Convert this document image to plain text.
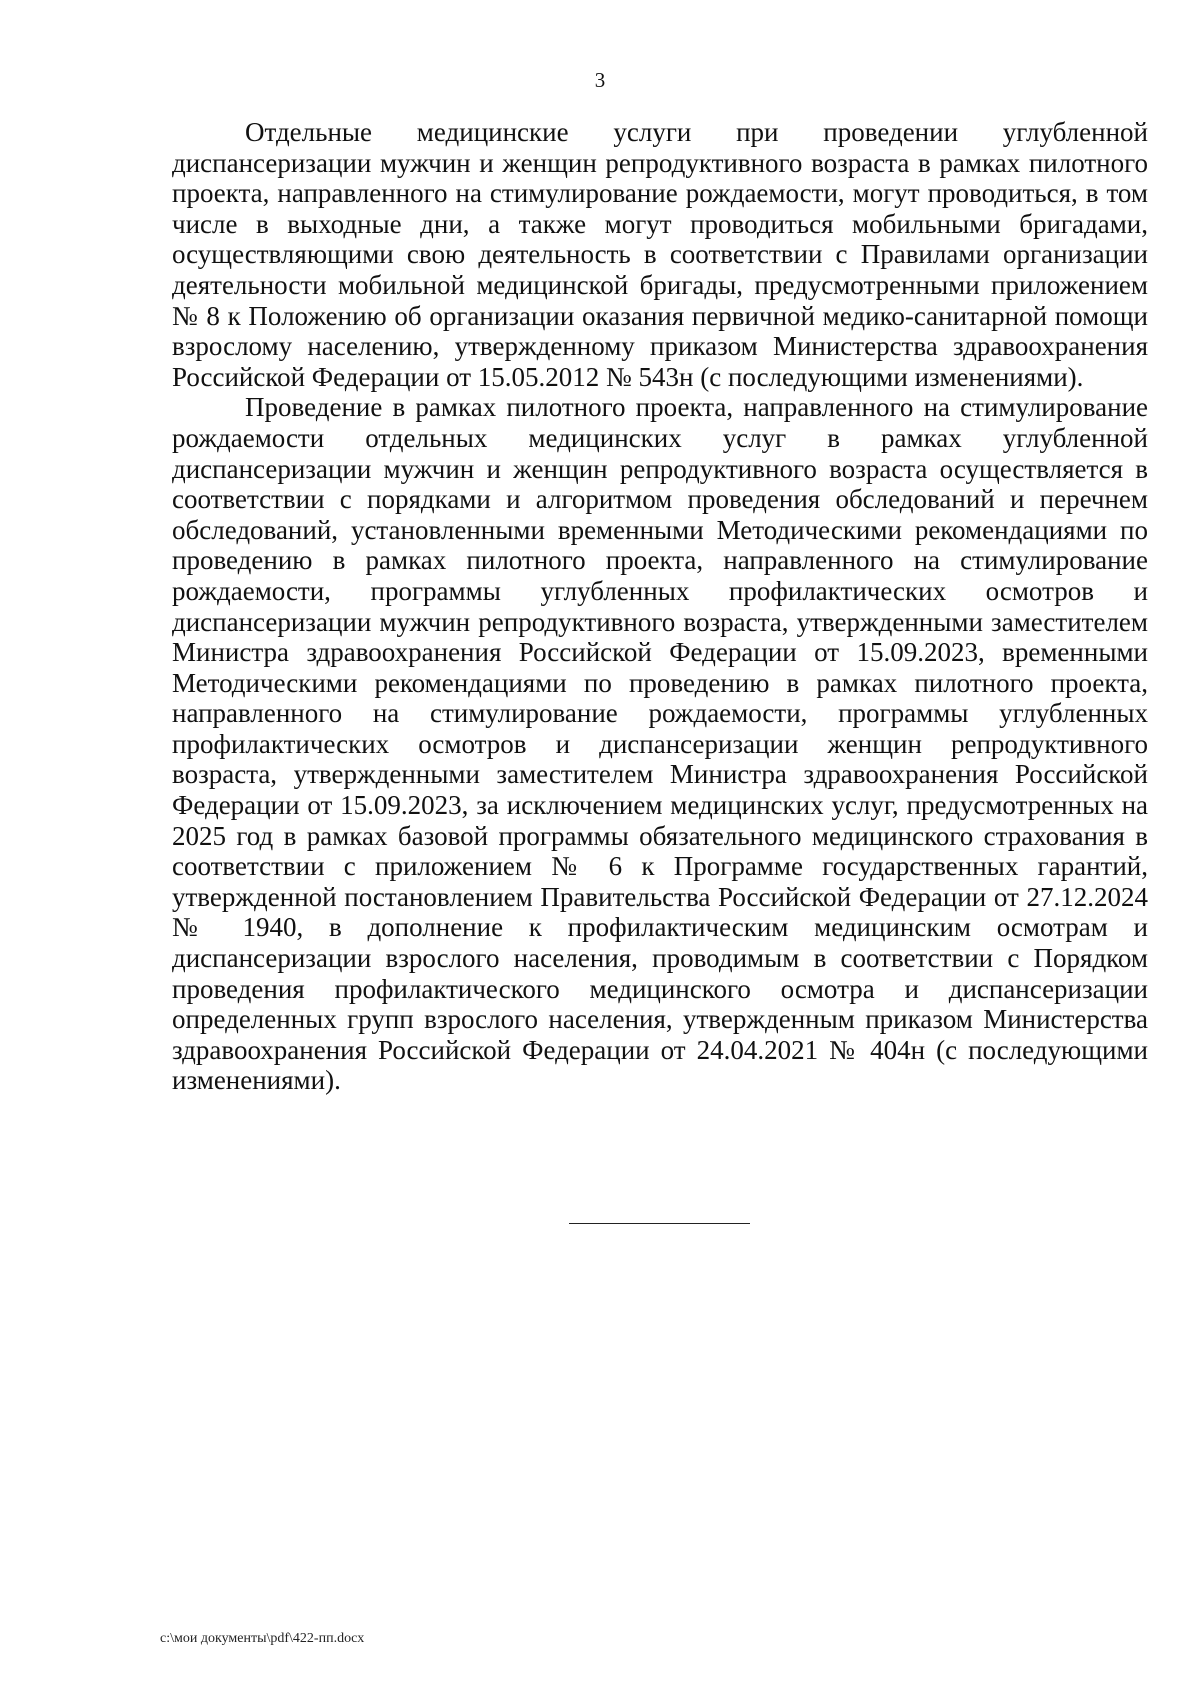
3

Отдельные медицинские услуги при проведении углубленной диспансеризации мужчин и женщин репродуктивного возраста в рамках пилотного проекта, направленного на стимулирование рождаемости, могут проводиться, в том числе в выходные дни, а также могут проводиться мобильными бригадами, осуществляющими свою деятельность в соответствии с Правилами организации деятельности мобильной медицинской бригады, предусмотренными приложением № 8 к Положению об организации оказания первичной медико-санитарной помощи взрослому населению, утвержденному приказом Министерства здравоохранения Российской Федерации от 15.05.2012 № 543н (с последующими изменениями).

Проведение в рамках пилотного проекта, направленного на стимулирование рождаемости отдельных медицинских услуг в рамках углубленной диспансеризации мужчин и женщин репродуктивного возраста осуществляется в соответствии с порядками и алгоритмом проведения обследований и перечнем обследований, установленными временными Методическими рекомендациями по проведению в рамках пилотного проекта, направленного на стимулирование рождаемости, программы углубленных профилактических осмотров и диспансеризации мужчин репродуктивного возраста, утвержденными заместителем Министра здравоохранения Российской Федерации от 15.09.2023, временными Методическими рекомендациями по проведению в рамках пилотного проекта, направленного на стимулирование рождаемости, программы углубленных профилактических осмотров и диспансеризации женщин репродуктивного возраста, утвержденными заместителем Министра здравоохранения Российской Федерации от 15.09.2023, за исключением медицинских услуг, предусмотренных на 2025 год в рамках базовой программы обязательного медицинского страхования в соответствии с приложением № 6 к Программе государственных гарантий, утвержденной постановлением Правительства Российской Федерации от 27.12.2024 № 1940, в дополнение к профилактическим медицинским осмотрам и диспансеризации взрослого населения, проводимым в соответствии с Порядком проведения профилактического медицинского осмотра и диспансеризации определенных групп взрослого населения, утвержденным приказом Министерства здравоохранения Российской Федерации от 24.04.2021 № 404н (с последующими изменениями).

c:\мои документы\pdf\422-пп.docx
